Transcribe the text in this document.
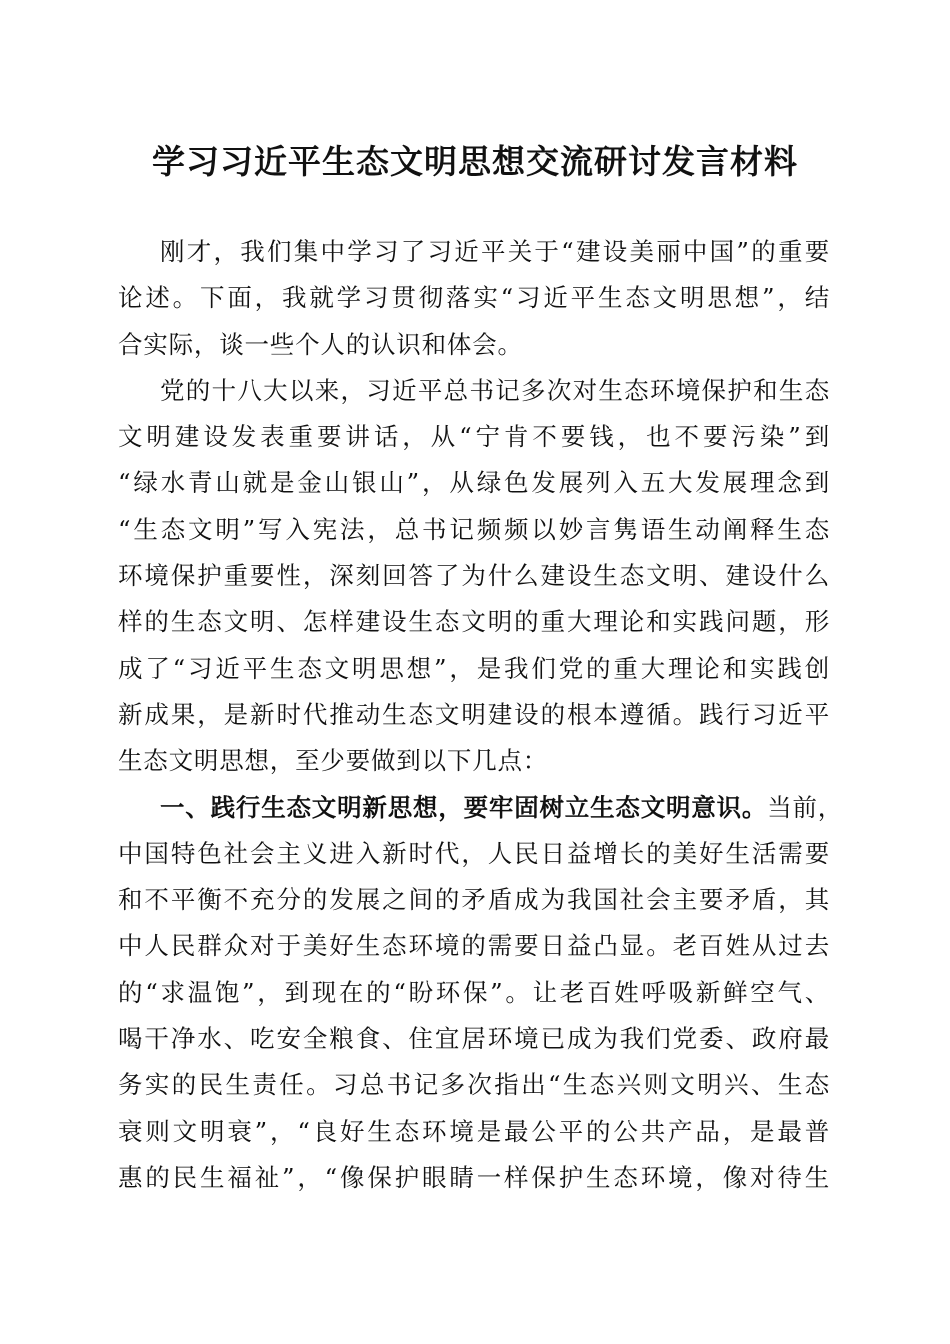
学习习近平生态文明思想交流研讨发言材料
刚才，我们集中学习了习近平关于“建设美丽中国”的重要
论述。下面，我就学习贯彻落实“习近平生态文明思想”，结
合实际，谈一些个人的认识和体会。
党的十八大以来，习近平总书记多次对生态环境保护和生态
文明建设发表重要讲话，从“宁肯不要钱，也不要污染”到
“绿水青山就是金山银山”，从绿色发展列入五大发展理念到
“生态文明”写入宪法，总书记频频以妙言隽语生动阐释生态
环境保护重要性，深刻回答了为什么建设生态文明、建设什么
样的生态文明、怎样建设生态文明的重大理论和实践问题，形
成了“习近平生态文明思想”，是我们党的重大理论和实践创
新成果，是新时代推动生态文明建设的根本遵循。践行习近平
生态文明思想，至少要做到以下几点：
一、践行生态文明新思想，要牢固树立生态文明意识。当前，
中国特色社会主义进入新时代，人民日益增长的美好生活需要
和不平衡不充分的发展之间的矛盾成为我国社会主要矛盾，其
中人民群众对于美好生态环境的需要日益凸显。老百姓从过去
的“求温饱”，到现在的“盼环保”。让老百姓呼吸新鲜空气、
喝干净水、吃安全粮食、住宜居环境已成为我们党委、政府最
务实的民生责任。习总书记多次指出“生态兴则文明兴、生态
衰则文明衰”，“良好生态环境是最公平的公共产品，是最普
惠的民生福祉”，“像保护眼睛一样保护生态环境，像对待生
